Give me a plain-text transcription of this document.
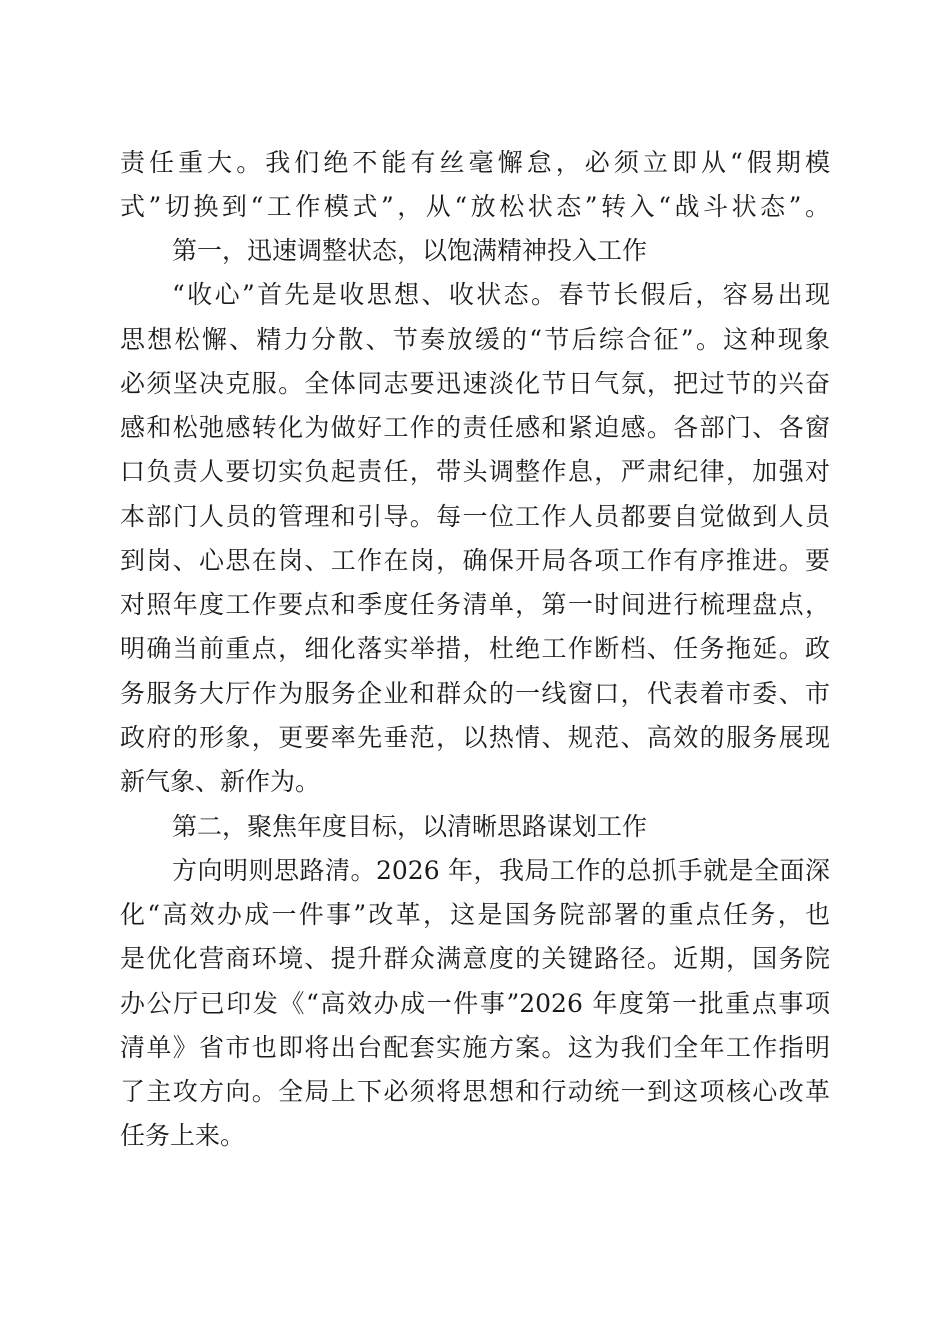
责任重大。我们绝不能有丝毫懈怠，必须立即从“假期模
式”切换到“工作模式”，从“放松状态”转入“战斗状态”。
第一，迅速调整状态，以饱满精神投入工作
“收心”首先是收思想、收状态。春节长假后，容易出现
思想松懈、精力分散、节奏放缓的“节后综合征”。这种现象
必须坚决克服。全体同志要迅速淡化节日气氛，把过节的兴奋
感和松弛感转化为做好工作的责任感和紧迫感。各部门、各窗
口负责人要切实负起责任，带头调整作息，严肃纪律，加强对
本部门人员的管理和引导。每一位工作人员都要自觉做到人员
到岗、心思在岗、工作在岗，确保开局各项工作有序推进。要
对照年度工作要点和季度任务清单，第一时间进行梳理盘点，
明确当前重点，细化落实举措，杜绝工作断档、任务拖延。政
务服务大厅作为服务企业和群众的一线窗口，代表着市委、市
政府的形象，更要率先垂范，以热情、规范、高效的服务展现
新气象、新作为。
第二，聚焦年度目标，以清晰思路谋划工作
方向明则思路清。2026 年，我局工作的总抓手就是全面深
化“高效办成一件事”改革，这是国务院部署的重点任务，也
是优化营商环境、提升群众满意度的关键路径。近期，国务院
办公厅已印发《“高效办成一件事”2026 年度第一批重点事项
清单》省市也即将出台配套实施方案。这为我们全年工作指明
了主攻方向。全局上下必须将思想和行动统一到这项核心改革
任务上来。
